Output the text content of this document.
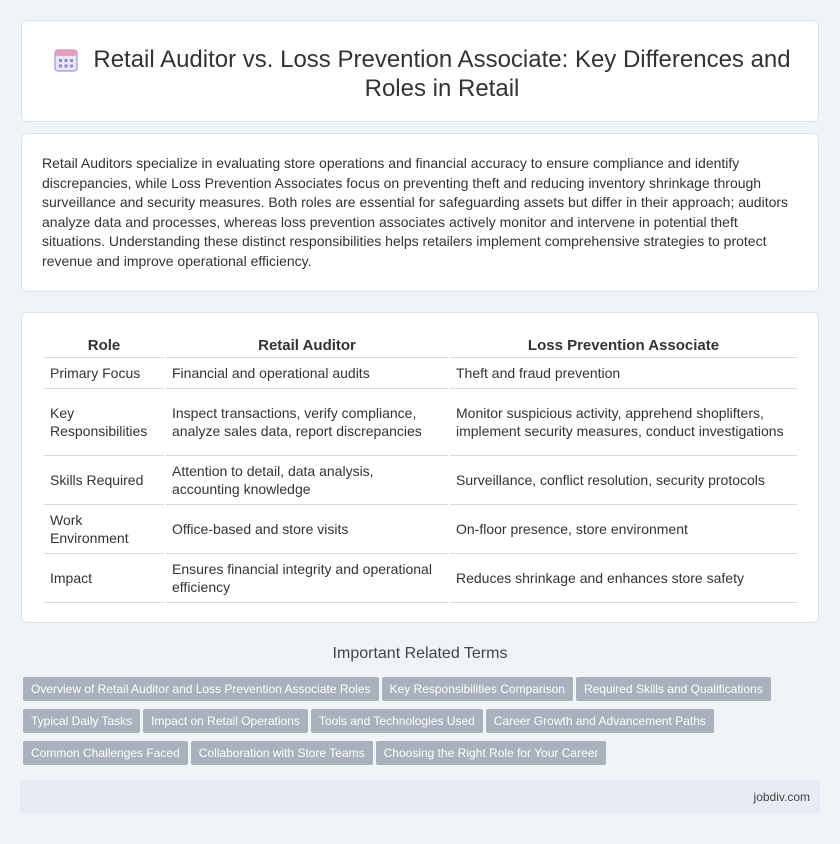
Retail Auditor vs. Loss Prevention Associate: Key Differences and Roles in Retail

Retail Auditors specialize in evaluating store operations and financial accuracy to ensure compliance and identify discrepancies, while Loss Prevention Associates focus on preventing theft and reducing inventory shrinkage through surveillance and security measures. Both roles are essential for safeguarding assets but differ in their approach; auditors analyze data and processes, whereas loss prevention associates actively monitor and intervene in potential theft situations. Understanding these distinct responsibilities helps retailers implement comprehensive strategies to protect revenue and improve operational efficiency.

Role	Retail Auditor	Loss Prevention Associate
Primary Focus	Financial and operational audits	Theft and fraud prevention
Key Responsibilities	Inspect transactions, verify compliance, analyze sales data, report discrepancies	Monitor suspicious activity, apprehend shoplifters, implement security measures, conduct investigations
Skills Required	Attention to detail, data analysis, accounting knowledge	Surveillance, conflict resolution, security protocols
Work Environment	Office-based and store visits	On-floor presence, store environment
Impact	Ensures financial integrity and operational efficiency	Reduces shrinkage and enhances store safety
Important Related Terms
Overview of Retail Auditor and Loss Prevention Associate Roles Key Responsibilities Comparison Required Skills and Qualifications
Typical Daily Tasks Impact on Retail Operations Tools and Technologies Used Career Growth and Advancement Paths
Common Challenges Faced Collaboration with Store Teams Choosing the Right Role for Your Career
jobdiv.com
